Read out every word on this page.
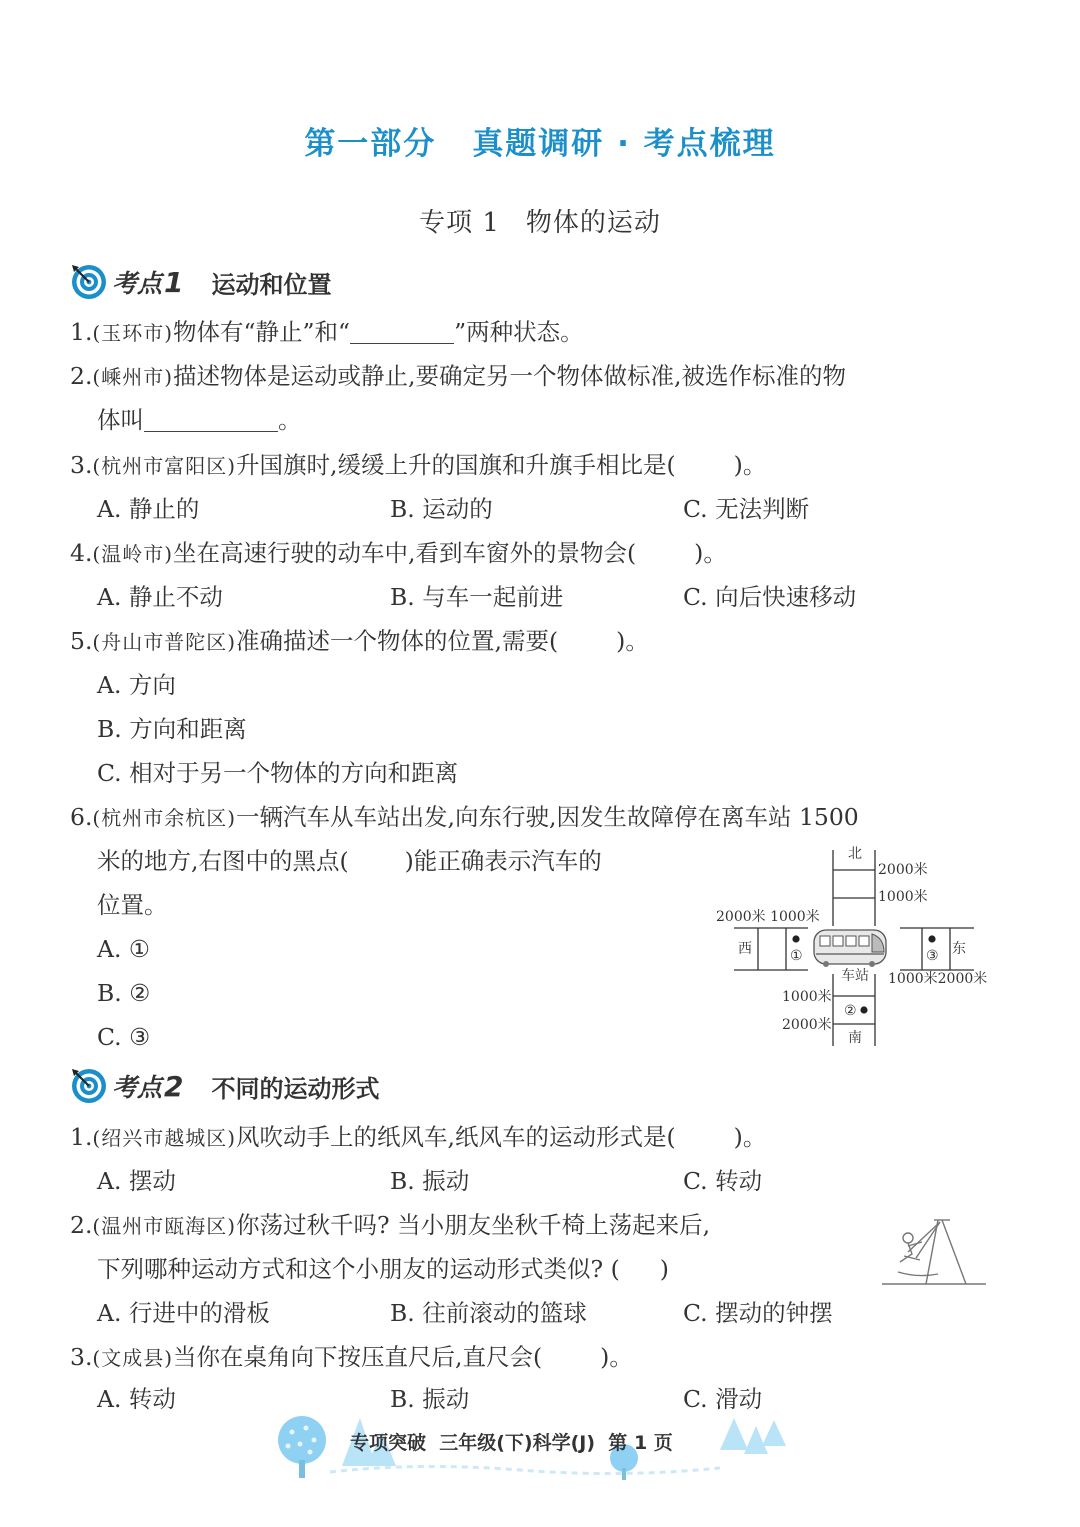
第一部分 真题调研 · 考点梳理
专项 1 物体的运动
考点 1 运动和位置
1.(玉环市)物体有“静止”和“	”两种状态。
2.(嵊州市)描述物体是运动或静止,要确定另一个物体做标准,被选作标准的物
体叫	。
3.(杭州市富阳区)升国旗时,缓缓上升的国旗和升旗手相比是( )。
A. 静止的	B. 运动的	C. 无法判断
4.(温岭市)坐在高速行驶的动车中,看到车窗外的景物会( )。
A. 静止不动	B. 与车一起前进	C. 向后快速移动
5.(舟山市普陀区)准确描述一个物体的位置,需要( )。
A. 方向
B. 方向和距离
C. 相对于另一个物体的方向和距离
6.(杭州市余杭区)一辆汽车从车站出发,向东行驶,因发生故障停在离车站 1500
米的地方,右图中的黑点( )能正确表示汽车的
位置。
A. ①
B. ②
C. ③
北
2000米
1000米
2000米 1000米
西	①	③ 东
车站 1000米2000米
1000米
2000米
②
南
考点 2 不同的运动形式
1.(绍兴市越城区)风吹动手上的纸风车,纸风车的运动形式是( )。
A. 摆动	B. 振动	C. 转动
2.(温州市瓯海区)你荡过秋千吗? 当小朋友坐秋千椅上荡起来后,
下列哪种运动方式和这个小朋友的运动形式类似? ( )
A. 行进中的滑板	B. 往前滚动的篮球	C. 摆动的钟摆
3.(文成县)当你在桌角向下按压直尺后,直尺会( )。
A. 转动	B. 振动	C. 滑动
专项突破 三年级(下)科学(J) 第 1 页
